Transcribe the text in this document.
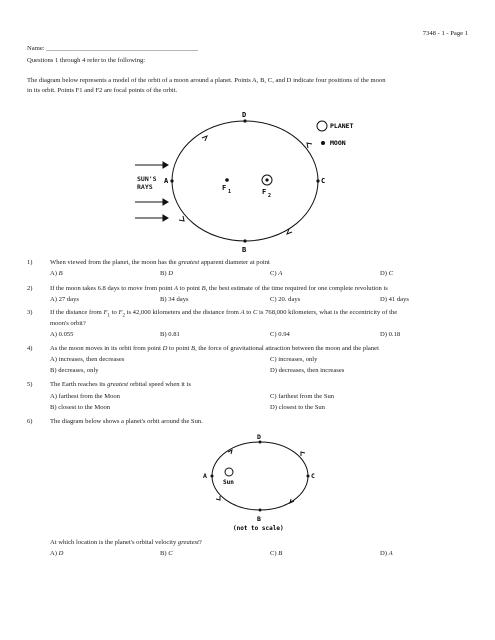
7348 - 1 - Page 1
Name: ______________________________________________
Questions 1 through 4 refer to the following:
The diagram below represents a model of the orbit of a moon around a planet. Points A, B, C, and D indicate four positions of the moon
in its orbit. Points F1 and F2 are focal points of the orbit.
D
B
A	C
F 1	F 2
PLANET
MOON
SUN'S
RAYS
1)	When viewed from the planet, the moon has the greatest apparent diameter at point
A) B	B) D	C) A	D) C
2)	If the moon takes 6.8 days to move from point A to point B, the best estimate of the time required for one complete revolution is
A) 27 days	B) 34 days	C) 20. days	D) 41 days
3)	If the distance from $F_1$ to $F_2$ is 42,000 kilometers and the distance from A to C is 768,000 kilometers, what is the eccentricity of the
moon's orbit?
A) 0.055	B) 0.81	C) 0.94	D) 0.18
4)	As the moon moves in its orbit from point D to point B, the force of gravitational attraction between the moon and the planet
A) increases, then decreases	C) increases, only
B) decreases, only	D) decreases, then increases
5)	The Earth reaches its greatest orbital speed when it is
A) farthest from the Moon	C) farthest from the Sun
B) closest to the Moon	D) closest to the Sun
6)	The diagram below shows a planet's orbit around the Sun.
D
B
A	C
Sun
(not to scale)
At which location is the planet's orbital velocity greatest?
A) D	B) C	C) B	D) A
